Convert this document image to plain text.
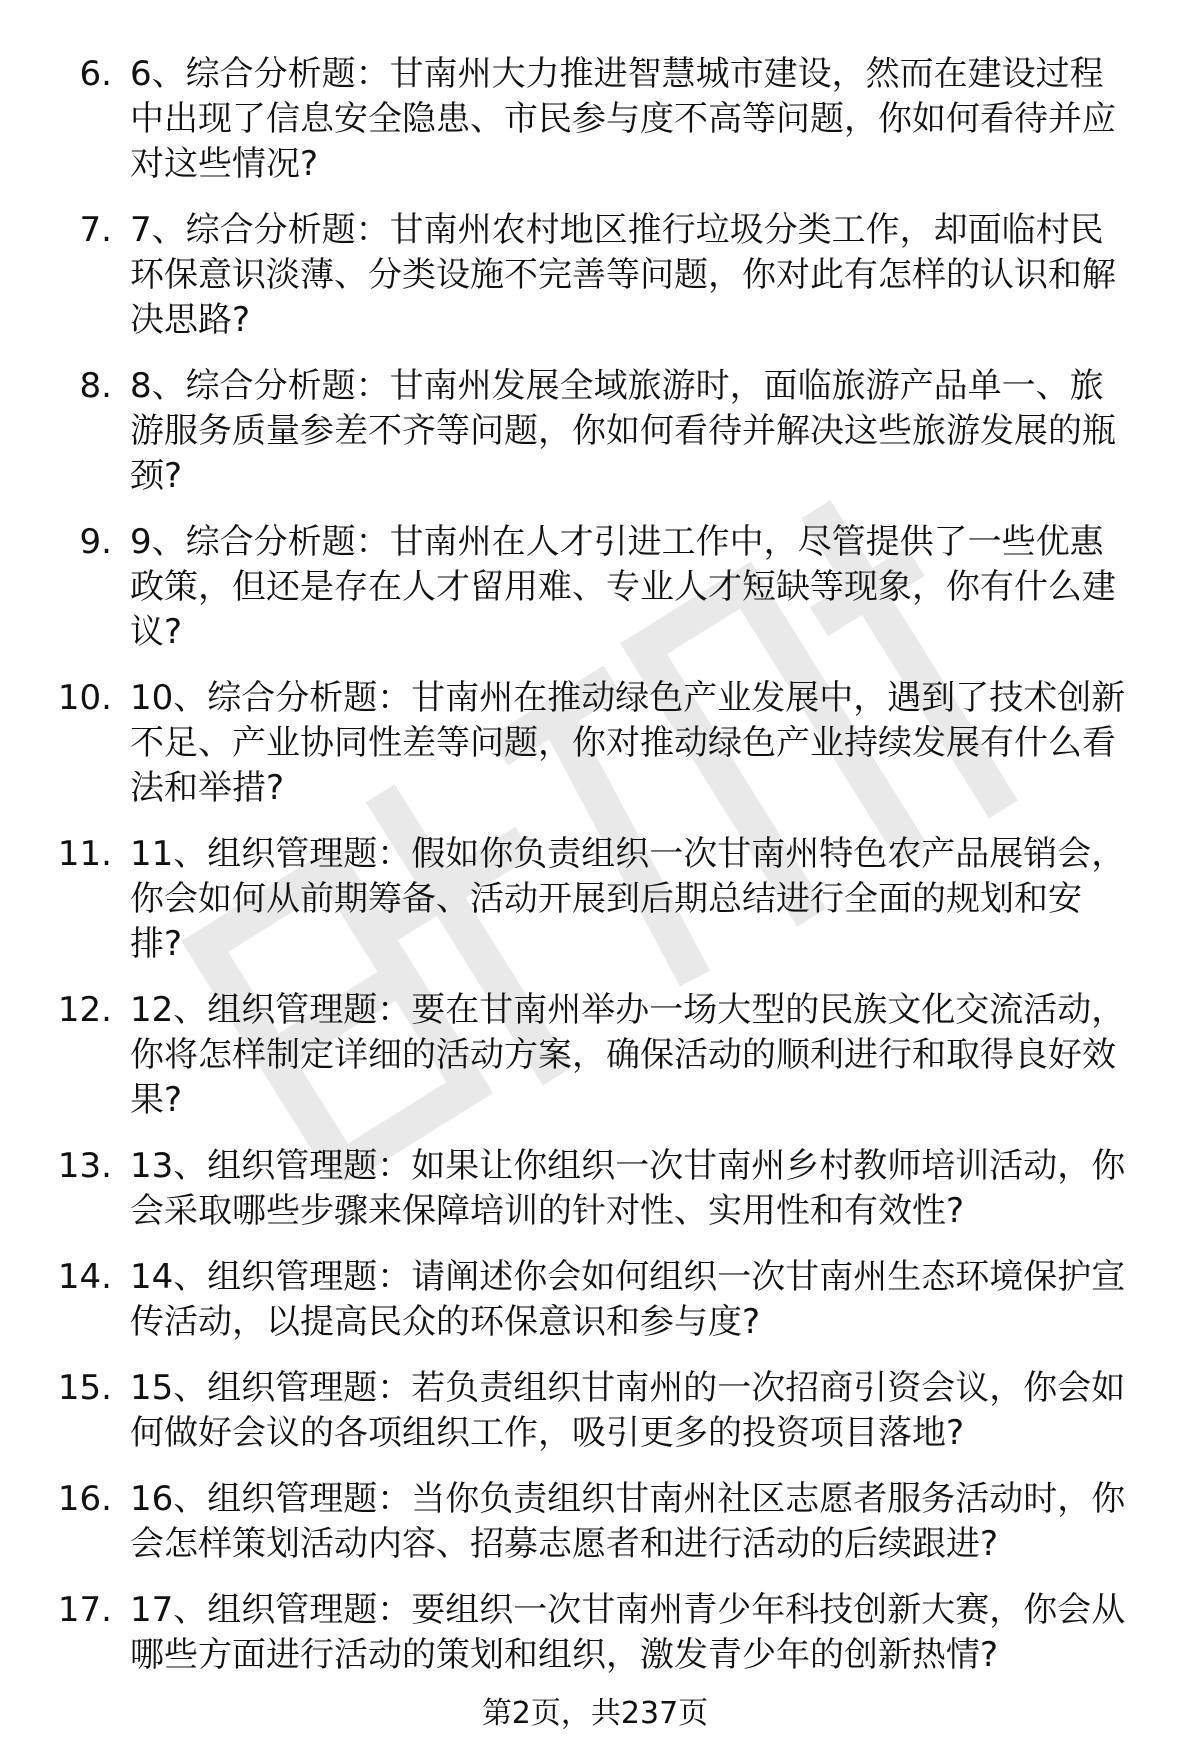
6. 6、综合分析题：甘南州大力推进智慧城市建设，然而在建设过程中出现了信息安全隐患、市民参与度不高等问题，你如何看待并应对这些情况?
7. 7、综合分析题：甘南州农村地区推行垃圾分类工作，却面临村民环保意识淡薄、分类设施不完善等问题，你对此有怎样的认识和解决思路?
8. 8、综合分析题：甘南州发展全域旅游时，面临旅游产品单一、旅游服务质量参差不齐等问题，你如何看待并解决这些旅游发展的瓶颈?
9. 9、综合分析题：甘南州在人才引进工作中，尽管提供了一些优惠政策，但还是存在人才留用难、专业人才短缺等现象，你有什么建议?
10. 10、综合分析题：甘南州在推动绿色产业发展中，遇到了技术创新不足、产业协同性差等问题，你对推动绿色产业持续发展有什么看法和举措?
11. 11、组织管理题：假如你负责组织一次甘南州特色农产品展销会，你会如何从前期筹备、活动开展到后期总结进行全面的规划和安排?
12. 12、组织管理题：要在甘南州举办一场大型的民族文化交流活动，你将怎样制定详细的活动方案，确保活动的顺利进行和取得良好效果?
13. 13、组织管理题：如果让你组织一次甘南州乡村教师培训活动，你会采取哪些步骤来保障培训的针对性、实用性和有效性?
14. 14、组织管理题：请阐述你会如何组织一次甘南州生态环境保护宣传活动，以提高民众的环保意识和参与度?
15. 15、组织管理题：若负责组织甘南州的一次招商引资会议，你会如何做好会议的各项组织工作，吸引更多的投资项目落地?
16. 16、组织管理题：当你负责组织甘南州社区志愿者服务活动时，你会怎样策划活动内容、招募志愿者和进行活动的后续跟进?
17. 17、组织管理题：要组织一次甘南州青少年科技创新大赛，你会从哪些方面进行活动的策划和组织，激发青少年的创新热情?
第2页，共237页
